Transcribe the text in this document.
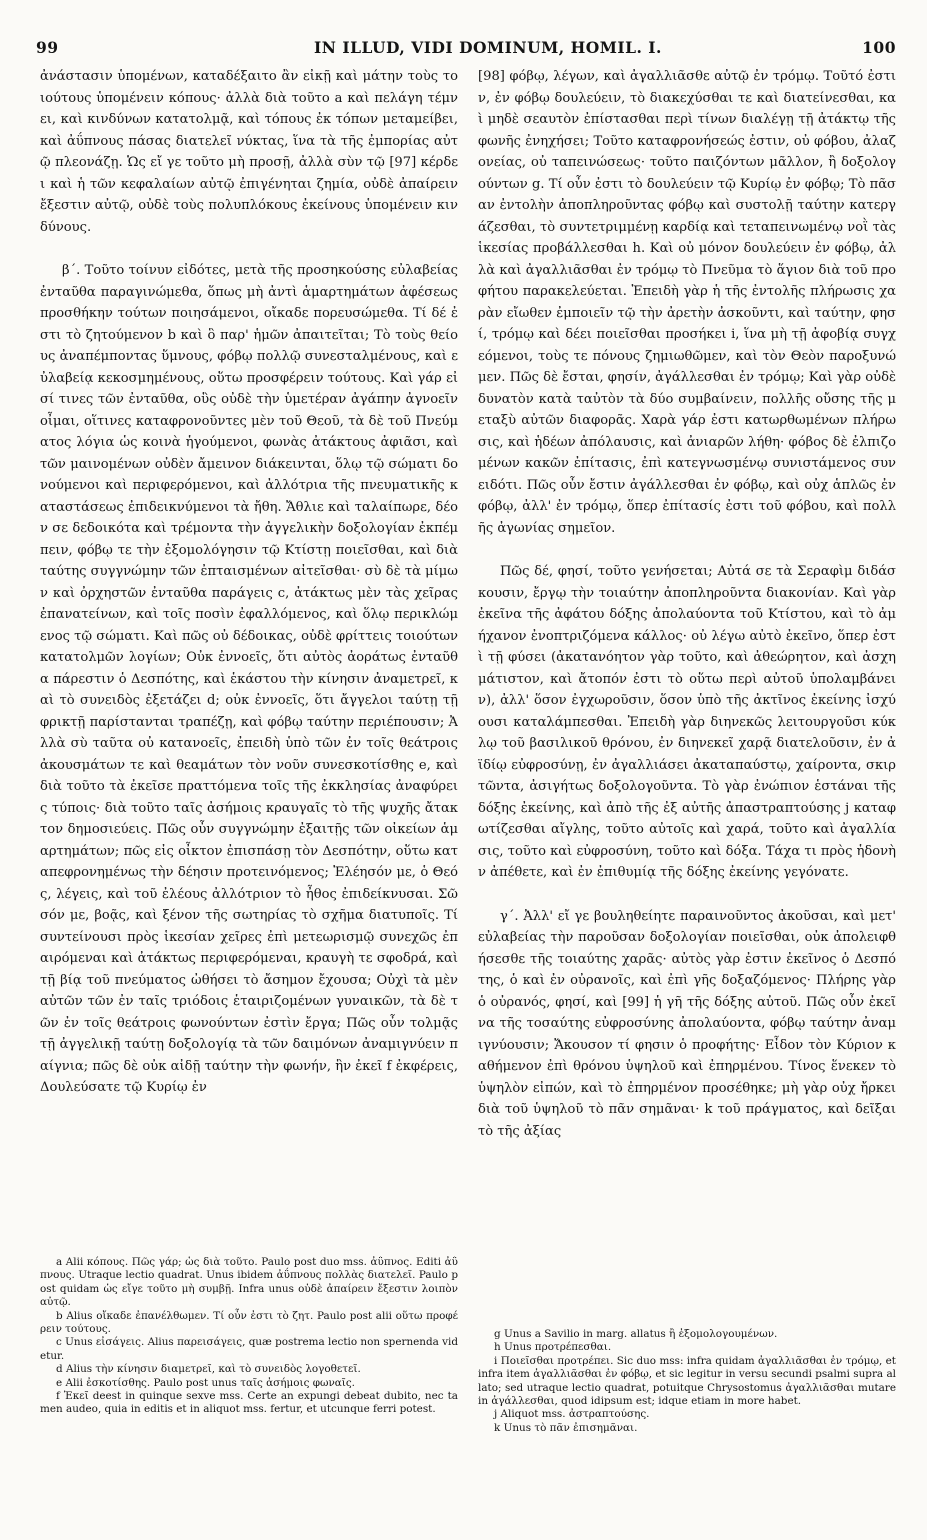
99	IN ILLUD, VIDI DOMINUM, HOMIL. I.	100

ἀνάστασιν ὑπομένων, καταδέξαιτο ἂν εἰκῇ καὶ μάτην τοὺς τοιούτους ὑπομένειν κόπους· ἀλλὰ διὰ τοῦτο a καὶ πελάγη τέμνει, καὶ κινδύνων κατατολμᾷ, καὶ τόπους ἐκ τόπων μεταμείβει, καὶ ἀΰπνους πάσας διατελεῖ νύκτας, ἵνα τὰ τῆς ἐμπορίας αὐτῷ πλεονάζῃ. Ὡς εἴ γε τοῦτο μὴ προσῇ, ἀλλὰ σὺν τῷ [97] κέρδει καὶ ἡ τῶν κεφαλαίων αὐτῷ ἐπιγένηται ζημία, οὐδὲ ἀπαίρειν ἔξεστιν αὐτῷ, οὐδὲ τοὺς πολυπλόκους ἐκείνους ὑπομένειν κινδύνους.

β΄. Τοῦτο τοίνυν εἰδότες, μετὰ τῆς προσηκούσης εὐλαβείας ἐνταῦθα παραγινώμεθα, ὅπως μὴ ἀντὶ ἁμαρτημάτων ἀφέσεως προσθήκην τούτων ποιησάμενοι, οἴκαδε πορευσώμεθα. Τί δέ ἐστι τὸ ζητούμενον b καὶ ὃ παρ' ἡμῶν ἀπαιτεῖται; Τὸ τοὺς θείους ἀναπέμποντας ὕμνους, φόβῳ πολλῷ συνεσταλμένους, καὶ εὐλαβείᾳ κεκοσμημένους, οὕτω προσφέρειν τούτους. Καὶ γάρ εἰσί τινες τῶν ἐνταῦθα, οὓς οὐδὲ τὴν ὑμετέραν ἀγάπην ἀγνοεῖν οἶμαι, οἵτινες καταφρονοῦντες μὲν τοῦ Θεοῦ, τὰ δὲ τοῦ Πνεύματος λόγια ὡς κοινὰ ἡγούμενοι, φωνὰς ἀτάκτους ἀφιᾶσι, καὶ τῶν μαινομένων οὐδὲν ἄμεινον διάκεινται, ὅλῳ τῷ σώματι δονούμενοι καὶ περιφερόμενοι, καὶ ἀλλότρια τῆς πνευματικῆς καταστάσεως ἐπιδεικνύμενοι τὰ ἤθη. Ἄθλιε καὶ ταλαίπωρε, δέον σε δεδοικότα καὶ τρέμοντα τὴν ἀγγελικὴν δοξολογίαν ἐκπέμπειν, φόβῳ τε τὴν ἐξομολόγησιν τῷ Κτίστῃ ποιεῖσθαι, καὶ διὰ ταύτης συγγνώμην τῶν ἐπταισμένων αἰτεῖσθαι· σὺ δὲ τὰ μίμων καὶ ὀρχηστῶν ἐνταῦθα παράγεις c, ἀτάκτως μὲν τὰς χεῖρας ἐπανατείνων, καὶ τοῖς ποσὶν ἐφαλλόμενος, καὶ ὅλῳ περικλώμενος τῷ σώματι. Καὶ πῶς οὐ δέδοικας, οὐδὲ φρίττεις τοιούτων κατατολμῶν λογίων; Οὐκ ἐννοεῖς, ὅτι αὐτὸς ἀοράτως ἐνταῦθα πάρεστιν ὁ Δεσπότης, καὶ ἑκάστου τὴν κίνησιν ἀναμετρεῖ, καὶ τὸ συνειδὸς ἐξετάζει d; οὐκ ἐννοεῖς, ὅτι ἄγγελοι ταύτῃ τῇ φρικτῇ παρίστανται τραπέζῃ, καὶ φόβῳ ταύτην περιέπουσιν; Ἀλλὰ σὺ ταῦτα οὐ κατανοεῖς, ἐπειδὴ ὑπὸ τῶν ἐν τοῖς θεάτροις ἀκουσμάτων τε καὶ θεαμάτων τὸν νοῦν συνεσκοτίσθης e, καὶ διὰ τοῦτο τὰ ἐκεῖσε πραττόμενα τοῖς τῆς ἐκκλησίας ἀναφύρεις τύποις· διὰ τοῦτο ταῖς ἀσήμοις κραυγαῖς τὸ τῆς ψυχῆς ἄτακτον δημοσιεύεις. Πῶς οὖν συγγνώμην ἐξαιτῇς τῶν οἰκείων ἁμαρτημάτων; πῶς εἰς οἶκτον ἐπισπάσῃ τὸν Δεσπότην, οὕτω καταπεφρονημένως τὴν δέησιν προτεινόμενος; Ἐλέησόν με, ὁ Θεός, λέγεις, καὶ τοῦ ἐλέους ἀλλότριον τὸ ἦθος ἐπιδείκνυσαι. Σῶσόν με, βοᾷς, καὶ ξένον τῆς σωτηρίας τὸ σχῆμα διατυποῖς. Τί συντείνουσι πρὸς ἱκεσίαν χεῖρες ἐπὶ μετεωρισμῷ συνεχῶς ἐπαιρόμεναι καὶ ἀτάκτως περιφερόμεναι, κραυγὴ τε σφοδρά, καὶ τῇ βίᾳ τοῦ πνεύματος ὠθήσει τὸ ἄσημον ἔχουσα; Οὐχὶ τὰ μὲν αὐτῶν τῶν ἐν ταῖς τριόδοις ἑταιριζομένων γυναικῶν, τὰ δὲ τῶν ἐν τοῖς θεάτροις φωνούντων ἐστὶν ἔργα; Πῶς οὖν τολμᾷς τῇ ἀγγελικῇ ταύτῃ δοξολογίᾳ τὰ τῶν δαιμόνων ἀναμιγνύειν παίγνια; πῶς δὲ οὐκ αἰδῇ ταύτην τὴν φωνήν, ἣν ἐκεῖ f ἐκφέρεις, Δουλεύσατε τῷ Κυρίῳ ἐν

a Alii κόπους. Πῶς γάρ; ὡς διὰ τοῦτο. Paulo post duo mss. ἀΰπνος. Editi ἀΰπνους. Utraque lectio quadrat. Unus ibidem ἀΰπνους πολλὰς διατελεῖ. Paulo post quidam ὡς εἴγε τοῦτο μὴ συμβῇ. Infra unus οὐδὲ ἀπαίρειν ἔξεστιν λοιπὸν αὐτῷ.

b Alius οἴκαδε ἐπανέλθωμεν. Τί οὖν ἐστι τὸ ζητ. Paulo post alii οὕτω προφέρειν τούτους.

c Unus εἰσάγεις. Alius παρεισάγεις, quæ postrema lectio non spernenda videtur.

d Alius τὴν κίνησιν διαμετρεῖ, καὶ τὸ συνειδὸς λογοθετεῖ.

e Alii ἐσκοτίσθης. Paulo post unus ταῖς ἀσήμοις φωναῖς.

f Ἐκεῖ deest in quinque sexve mss. Certe an expungi debeat dubito, nec tamen audeo, quia in editis et in aliquot mss. fertur, et utcunque ferri potest.

[98] φόβῳ, λέγων, καὶ ἀγαλλιᾶσθε αὐτῷ ἐν τρόμῳ. Τοῦτό ἐστιν, ἐν φόβῳ δουλεύειν, τὸ διακεχύσθαι τε καὶ διατείνεσθαι, καὶ μηδὲ σεαυτὸν ἐπίστασθαι περὶ τίνων διαλέγῃ τῇ ἀτάκτῳ τῆς φωνῆς ἐνηχήσει; Τοῦτο καταφρονήσεώς ἐστιν, οὐ φόβου, ἀλαζονείας, οὐ ταπεινώσεως· τοῦτο παιζόντων μᾶλλον, ἢ δοξολογούντων g. Τί οὖν ἐστι τὸ δουλεύειν τῷ Κυρίῳ ἐν φόβῳ; Τὸ πᾶσαν ἐντολὴν ἀποπληροῦντας φόβῳ καὶ συστολῇ ταύτην κατεργάζεσθαι, τὸ συντετριμμένῃ καρδίᾳ καὶ τεταπεινωμένῳ νοῒ τὰς ἱκεσίας προβάλλεσθαι h. Καὶ οὐ μόνον δουλεύειν ἐν φόβῳ, ἀλλὰ καὶ ἀγαλλιᾶσθαι ἐν τρόμῳ τὸ Πνεῦμα τὸ ἅγιον διὰ τοῦ προφήτου παρακελεύεται. Ἐπειδὴ γὰρ ἡ τῆς ἐντολῆς πλήρωσις χαρὰν εἴωθεν ἐμποιεῖν τῷ τὴν ἀρετὴν ἀσκοῦντι, καὶ ταύτην, φησί, τρόμῳ καὶ δέει ποιεῖσθαι προσήκει i, ἵνα μὴ τῇ ἀφοβίᾳ συγχεόμενοι, τοὺς τε πόνους ζημιωθῶμεν, καὶ τὸν Θεὸν παροξυνώμεν. Πῶς δὲ ἔσται, φησίν, ἀγάλλεσθαι ἐν τρόμῳ; Καὶ γὰρ οὐδὲ δυνατὸν κατὰ ταὐτὸν τὰ δύο συμβαίνειν, πολλῆς οὔσης τῆς μεταξὺ αὐτῶν διαφορᾶς. Χαρὰ γάρ ἐστι κατωρθωμένων πλήρωσις, καὶ ἡδέων ἀπόλαυσις, καὶ ἀνιαρῶν λήθη· φόβος δὲ ἐλπιζομένων κακῶν ἐπίτασις, ἐπὶ κατεγνωσμένῳ συνιστάμενος συνειδότι. Πῶς οὖν ἔστιν ἀγάλλεσθαι ἐν φόβῳ, καὶ οὐχ ἁπλῶς ἐν φόβῳ, ἀλλ' ἐν τρόμῳ, ὅπερ ἐπίτασίς ἐστι τοῦ φόβου, καὶ πολλῆς ἀγωνίας σημεῖον.

Πῶς δέ, φησί, τοῦτο γενήσεται; Αὐτά σε τὰ Σεραφὶμ διδάσκουσιν, ἔργῳ τὴν τοιαύτην ἀποπληροῦντα διακονίαν. Καὶ γὰρ ἐκεῖνα τῆς ἀφάτου δόξης ἀπολαύοντα τοῦ Κτίστου, καὶ τὸ ἀμήχανον ἐνοπτριζόμενα κάλλος· οὐ λέγω αὐτὸ ἐκεῖνο, ὅπερ ἐστὶ τῇ φύσει (ἀκατανόητον γὰρ τοῦτο, καὶ ἀθεώρητον, καὶ ἀσχημάτιστον, καὶ ἄτοπόν ἐστι τὸ οὕτω περὶ αὐτοῦ ὑπολαμβάνειν), ἀλλ' ὅσον ἐγχωροῦσιν, ὅσον ὑπὸ τῆς ἀκτῖνος ἐκείνης ἰσχύουσι καταλάμπεσθαι. Ἐπειδὴ γὰρ διηνεκῶς λειτουργοῦσι κύκλῳ τοῦ βασιλικοῦ θρόνου, ἐν διηνεκεῖ χαρᾷ διατελοῦσιν, ἐν ἀϊδίῳ εὐφροσύνῃ, ἐν ἀγαλλιάσει ἀκαταπαύστῳ, χαίροντα, σκιρτῶντα, ἀσιγήτως δοξολογοῦντα. Τὸ γὰρ ἐνώπιον ἑστάναι τῆς δόξης ἐκείνης, καὶ ἀπὸ τῆς ἐξ αὐτῆς ἀπαστραπτούσης j καταφωτίζεσθαι αἴγλης, τοῦτο αὐτοῖς καὶ χαρά, τοῦτο καὶ ἀγαλλίασις, τοῦτο καὶ εὐφροσύνη, τοῦτο καὶ δόξα. Τάχα τι πρὸς ἡδονὴν ἀπέθετε, καὶ ἐν ἐπιθυμίᾳ τῆς δόξης ἐκείνης γεγόνατε.

γ΄. Ἀλλ' εἴ γε βουληθείητε παραινοῦντος ἀκοῦσαι, καὶ μετ' εὐλαβείας τὴν παροῦσαν δοξολογίαν ποιεῖσθαι, οὐκ ἀπολειφθήσεσθε τῆς τοιαύτης χαρᾶς· αὐτὸς γὰρ ἐστιν ἐκεῖνος ὁ Δεσπότης, ὁ καὶ ἐν οὐρανοῖς, καὶ ἐπὶ γῆς δοξαζόμενος· Πλήρης γὰρ ὁ οὐρανός, φησί, καὶ [99] ἡ γῆ τῆς δόξης αὐτοῦ. Πῶς οὖν ἐκεῖνα τῆς τοσαύτης εὐφροσύνης ἀπολαύοντα, φόβῳ ταύτην ἀναμιγνύουσιν; Ἄκουσον τί φησιν ὁ προφήτης· Εἶδον τὸν Κύριον καθήμενον ἐπὶ θρόνου ὑψηλοῦ καὶ ἐπηρμένου. Τίνος ἕνεκεν τὸ ὑψηλὸν εἰπών, καὶ τὸ ἐπηρμένον προσέθηκε; μὴ γὰρ οὐχ ἤρκει διὰ τοῦ ὑψηλοῦ τὸ πᾶν σημᾶναι· k τοῦ πράγματος, καὶ δεῖξαι τὸ τῆς ἀξίας

g Unus a Savilio in marg. allatus ἢ ἐξομολογουμένων.

h Unus προτρέπεσθαι.

i Ποιεῖσθαι προτρέπει. Sic duo mss: infra quidam ἀγαλλιᾶσθαι ἐν τρόμῳ, et infra item ἀγαλλιᾶσθαι ἐν φόβῳ, et sic legitur in versu secundi psalmi supra allato; sed utraque lectio quadrat, potuitque Chrysostomus ἀγαλλιᾶσθαι mutare in ἀγάλλεσθαι, quod idipsum est; idque etiam in more habet.

j Aliquot mss. ἀστραπτούσης.

k Unus τὸ πᾶν ἐπισημᾶναι.
